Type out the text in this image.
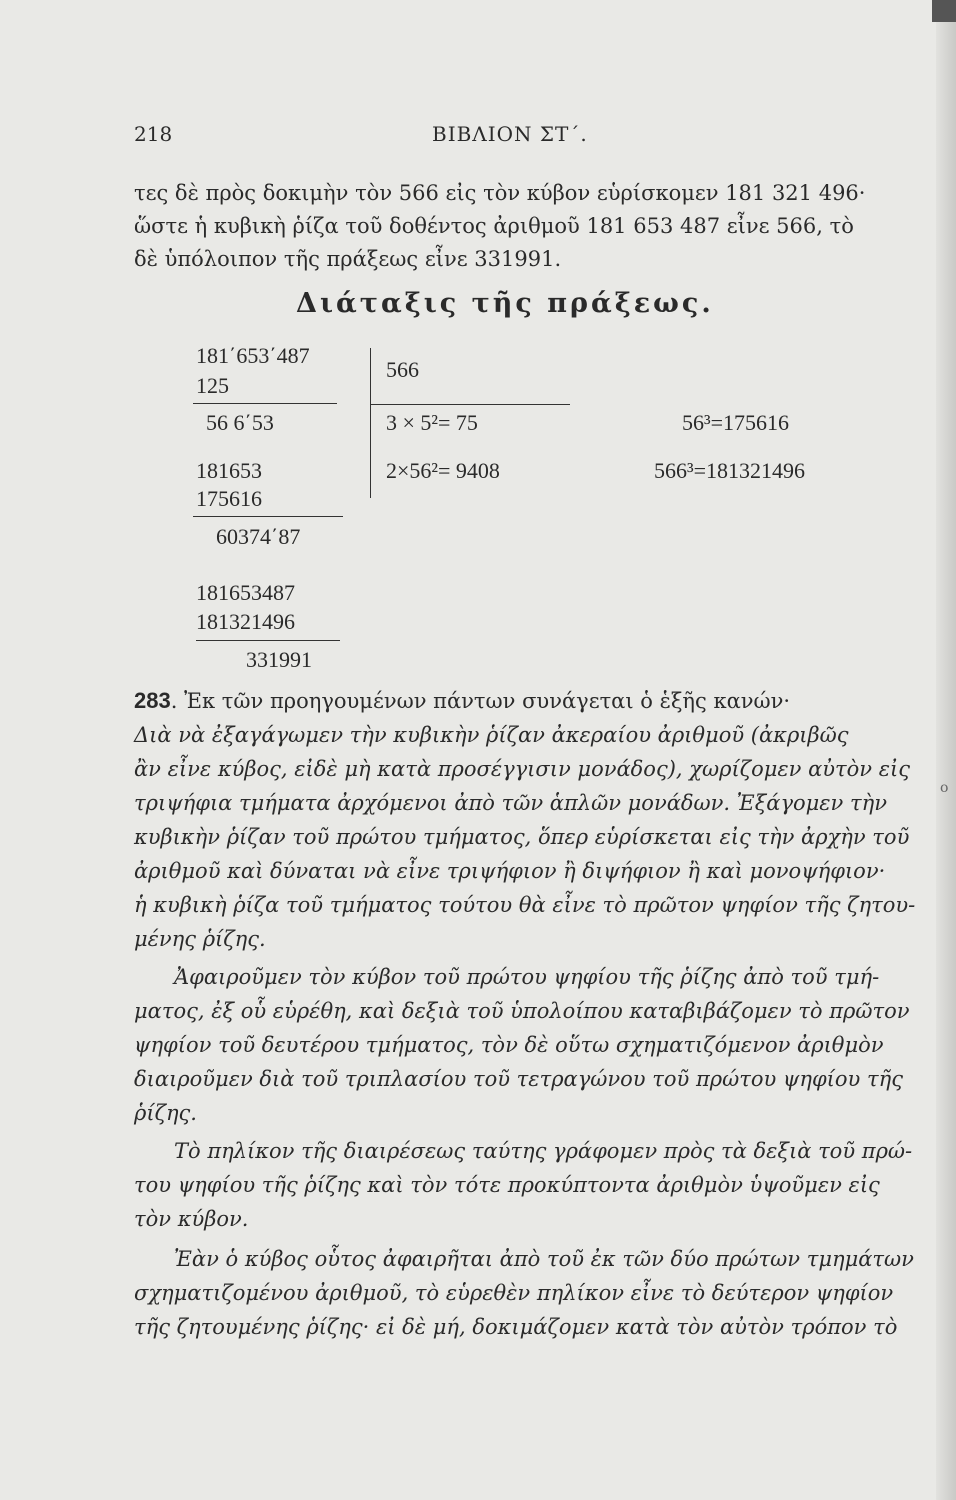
218	ΒΙΒΛΙΟΝ ΣΤ΄.
τες δὲ πρὸς δοκιμὴν τὸν 566 εἰς τὸν κύβον εὑρίσκομεν 181 321 496·
ὥστε ἡ κυβικὴ ῥίζα τοῦ δοθέντος ἀριθμοῦ 181 653 487 εἶνε 566, τὸ
δὲ ὑπόλοιπον τῆς πράξεως εἶνε 331991.
Διάταξις τῆς πράξεως.
181΄653΄487
125
56 6΄53
181653
175616
60374΄87
181653487
181321496
331991
566
3 × 5²= 75
2×56²= 9408
56³=175616
566³=181321496
283. Ἐκ τῶν προηγουμένων πάντων συνάγεται ὁ ἑξῆς κανών·
Διὰ νὰ ἐξαγάγωμεν τὴν κυβικὴν ῥίζαν ἀκεραίου ἀριθμοῦ (ἀκριβῶς
ἂν εἶνε κύβος, εἰδὲ μὴ κατὰ προσέγγισιν μονάδος), χωρίζομεν αὐτὸν εἰς
τριψήφια τμήματα ἀρχόμενοι ἀπὸ τῶν ἁπλῶν μονάδων. Ἐξάγομεν τὴν
κυβικὴν ῥίζαν τοῦ πρώτου τμήματος, ὅπερ εὑρίσκεται εἰς τὴν ἀρχὴν τοῦ
ἀριθμοῦ καὶ δύναται νὰ εἶνε τριψήφιον ἢ διψήφιον ἢ καὶ μονοψήφιον·
ἡ κυβικὴ ῥίζα τοῦ τμήματος τούτου θὰ εἶνε τὸ πρῶτον ψηφίον τῆς ζητου-
μένης ῥίζης.
Ἀφαιροῦμεν τὸν κύβον τοῦ πρώτου ψηφίου τῆς ῥίζης ἀπὸ τοῦ τμή-
ματος, ἐξ οὗ εὑρέθη, καὶ δεξιὰ τοῦ ὑπολοίπου καταβιβάζομεν τὸ πρῶτον
ψηφίον τοῦ δευτέρου τμήματος, τὸν δὲ οὕτω σχηματιζόμενον ἀριθμὸν
διαιροῦμεν διὰ τοῦ τριπλασίου τοῦ τετραγώνου τοῦ πρώτου ψηφίου τῆς
ῥίζης.
Τὸ πηλίκον τῆς διαιρέσεως ταύτης γράφομεν πρὸς τὰ δεξιὰ τοῦ πρώ-
του ψηφίου τῆς ῥίζης καὶ τὸν τότε προκύπτοντα ἀριθμὸν ὑψοῦμεν εἰς
τὸν κύβον.
Ἐὰν ὁ κύβος οὗτος ἀφαιρῆται ἀπὸ τοῦ ἐκ τῶν δύο πρώτων τμημάτων
σχηματιζομένου ἀριθμοῦ, τὸ εὑρεθὲν πηλίκον εἶνε τὸ δεύτερον ψηφίον
τῆς ζητουμένης ῥίζης· εἰ δὲ μή, δοκιμάζομεν κατὰ τὸν αὐτὸν τρόπον τὸ
ο
